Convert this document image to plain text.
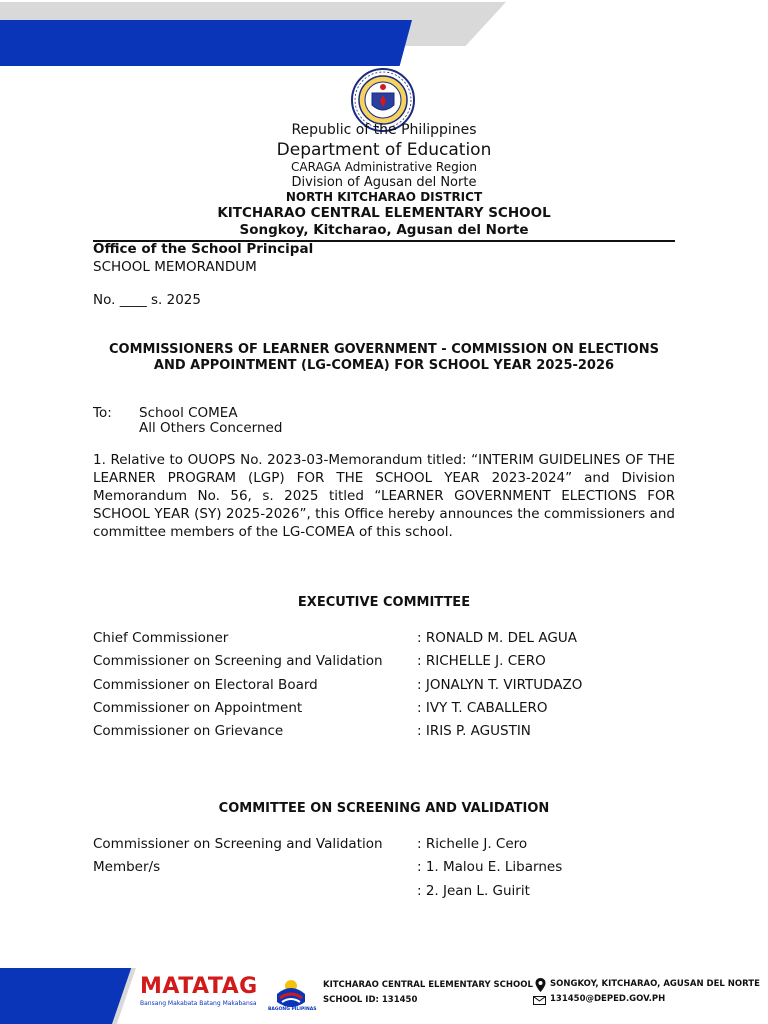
Republic of the Philippines
Department of Education
CARAGA Administrative Region
Division of Agusan del Norte
NORTH KITCHARAO DISTRICT
KITCHARAO CENTRAL ELEMENTARY SCHOOL
Songkoy, Kitcharao, Agusan del Norte
Office of the School Principal
SCHOOL MEMORANDUM
No. ____ s. 2025
COMMISSIONERS OF LEARNER GOVERNMENT - COMMISSION ON ELECTIONS AND APPOINTMENT (LG-COMEA) FOR SCHOOL YEAR 2025-2026
To: School COMEA
All Others Concerned
1. Relative to OUOPS No. 2023-03-Memorandum titled: “INTERIM GUIDELINES OF THE LEARNER PROGRAM (LGP) FOR THE SCHOOL YEAR 2023-2024” and Division Memorandum No. 56, s. 2025 titled “LEARNER GOVERNMENT ELECTIONS FOR SCHOOL YEAR (SY) 2025-2026”, this Office hereby announces the commissioners and committee members of the LG-COMEA of this school.
EXECUTIVE COMMITTEE
Chief Commissioner	: RONALD M. DEL AGUA
Commissioner on Screening and Validation	: RICHELLE J. CERO
Commissioner on Electoral Board	: JONALYN T. VIRTUDAZO
Commissioner on Appointment	: IVY T. CABALLERO
Commissioner on Grievance	: IRIS P. AGUSTIN
COMMITTEE ON SCREENING AND VALIDATION
Commissioner on Screening and Validation	: Richelle J. Cero
Member/s	: 1. Malou E. Libarnes
: 2. Jean L. Guirit
MATATAG
Bansang Makabata Batang Makabansa
BAGONG PILIPINAS
KITCHARAO CENTRAL ELEMENTARY SCHOOL
SCHOOL ID: 131450
SONGKOY, KITCHARAO, AGUSAN DEL NORTE
131450@DEPED.GOV.PH
